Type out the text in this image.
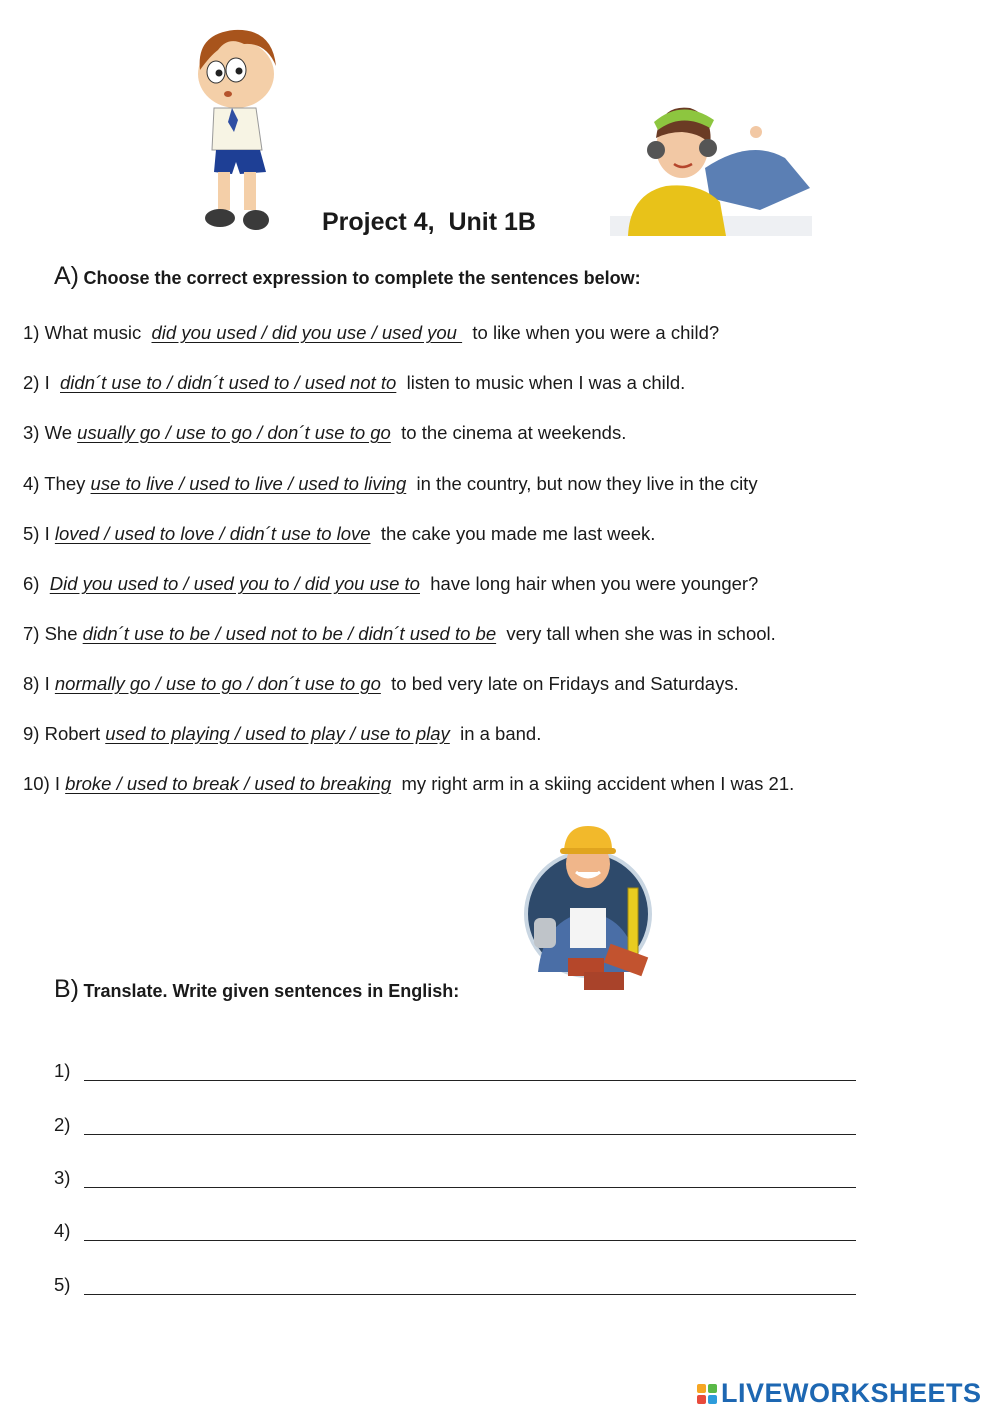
Project 4,  Unit 1B
A) Choose the correct expression to complete the sentences below:
1) What music  did you used / did you use / used you   to like when you were a child?
2) I  didn´t use to / didn´t used to / used not to  listen to music when I was a child.
3) We usually go / use to go / don´t use to go  to the cinema at weekends.
4) They use to live / used to live / used to living  in the country, but now they live in the city
5) I loved / used to love / didn´t use to love  the cake you made me last week.
6)  Did you used to / used you to / did you use to  have long hair when you were younger?
7) She didn´t use to be / used not to be / didn´t used to be  very tall when she was in school.
8) I normally go / use to go / don´t use to go  to bed very late on Fridays and Saturdays.
9) Robert used to playing / used to play / use to play  in a band.
10) I broke / used to break / used to breaking  my right arm in a skiing accident when I was 21.
B) Translate. Write given sentences in English:
1)
2)
3)
4)
5)
LIVEWORKSHEETS
